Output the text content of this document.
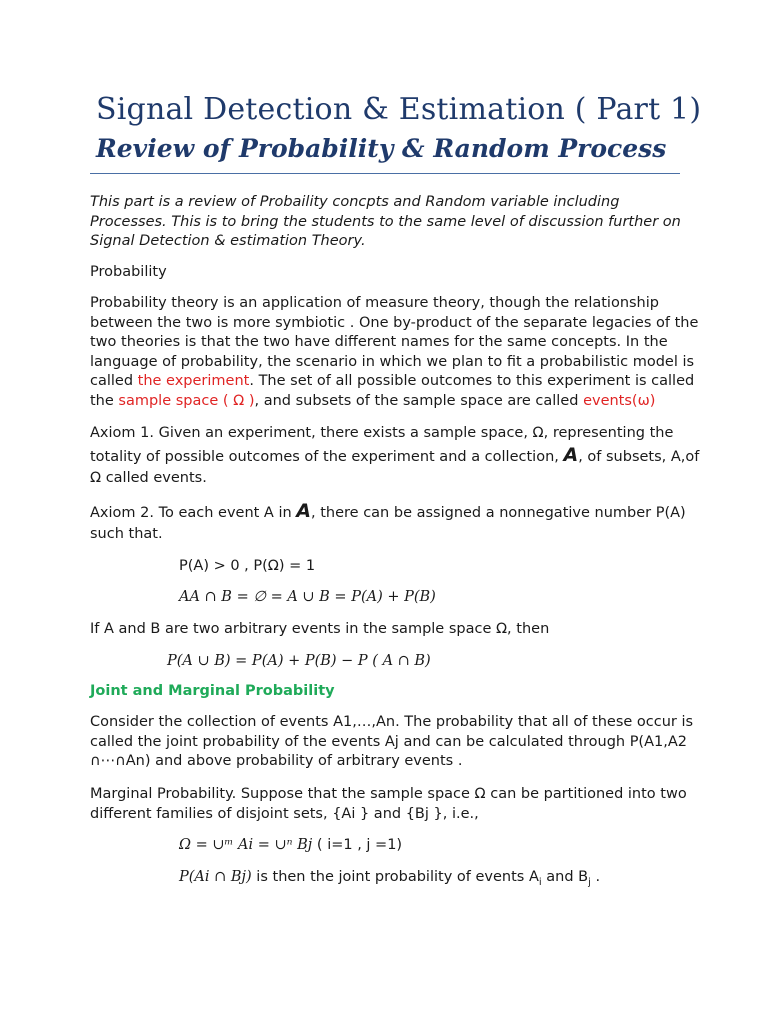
Signal Detection & Estimation ( Part 1)
Review of Probability & Random Process
This part is a review of Probaility concpts and Random variable including
Processes. This is to bring the students to the same level of discussion further on
Signal Detection & estimation Theory.
Probability
Probability theory is an application of measure theory, though the relationship
between the two is more symbiotic . One by-product of the separate legacies of the
two theories is that the two have different names for the same concepts. In the
language of probability, the scenario in which we plan to fit a probabilistic model is
called the experiment. The set of all possible outcomes to this experiment is called
the sample space ( Ω ), and subsets of the sample space are called events(ω)
Axiom 1. Given an experiment, there exists a sample space, Ω, representing the
totality of possible outcomes of the experiment and a collection, A, of subsets, A,of
Ω called events.
Axiom 2. To each event A in A, there can be assigned a nonnegative number P(A)
such that.
P(A) > 0 , P(Ω) = 1
AA ∩ B = ∅ = A ∪ B = P(A) + P(B)
If A and B are two arbitrary events in the sample space Ω, then
P(A ∪ B) = P(A) + P(B) − P ( A ∩ B)
Joint and Marginal Probability
Consider the collection of events A1,…,An. The probability that all of these occur is
called the joint probability of the events Aj and can be calculated through P(A1,A2
∩⋯∩An) and above probability of arbitrary events .
Marginal Probability. Suppose that the sample space Ω can be partitioned into two
different families of disjoint sets, {Ai } and {Bj }, i.e.,
Ω = ∪ᵐ Ai = ∪ⁿ Bj ( i=1 , j =1)
P(Ai ∩ Bj) is then the joint probability of events $A_i$ and $B_j$ .
